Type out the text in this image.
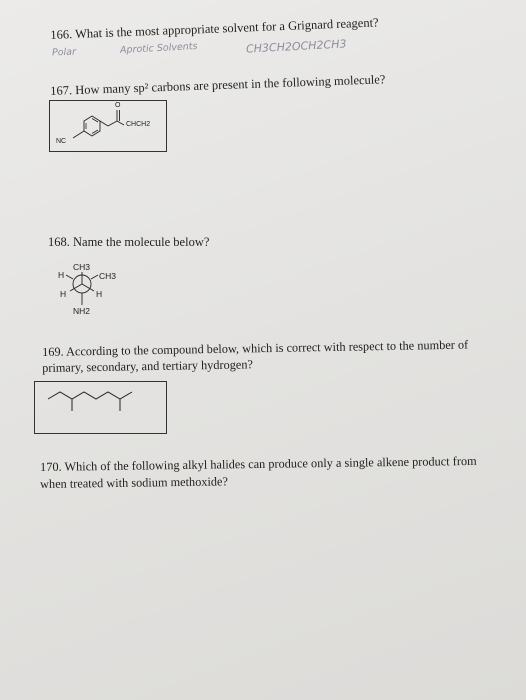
166. What is the most appropriate solvent for a Grignard reagent?
Polar	Aprotic Solvents	CH3CH2OCH2CH3
167. How many sp² carbons are present in the following molecule?
O
CHCH2
NC
168. Name the molecule below?
CH3
CH3
H
H	H
NH2
169. According to the compound below, which is correct with respect to the number of
primary, secondary, and tertiary hydrogen?
170. Which of the following alkyl halides can produce only a single alkene product from
when treated with sodium methoxide?
